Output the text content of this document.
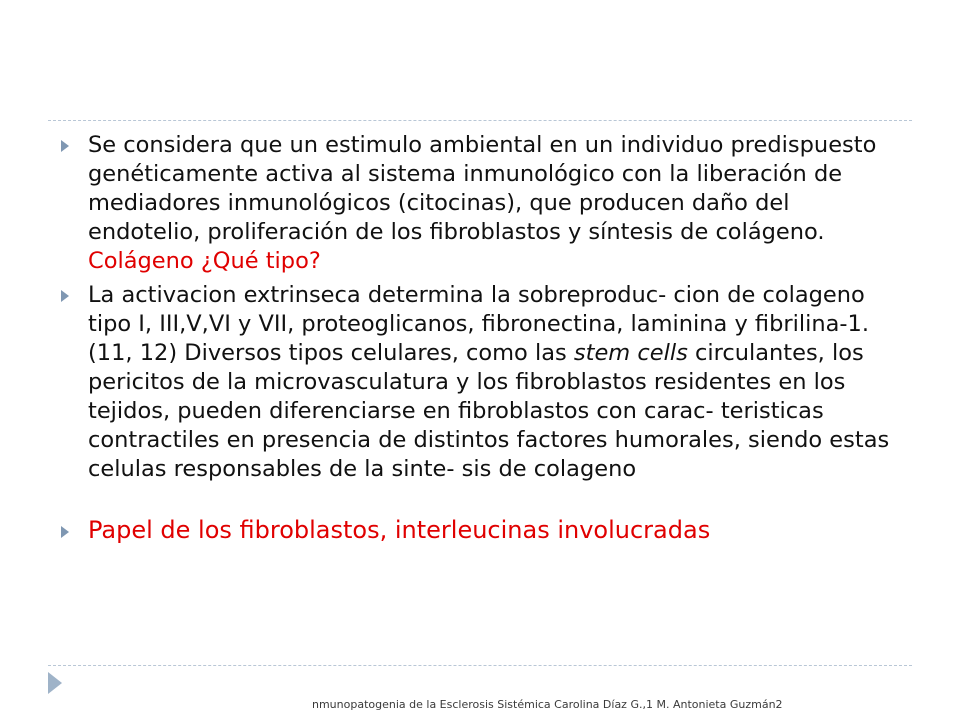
Se considera que un estimulo ambiental en un individuo predispuesto genéticamente activa al sistema inmunológico con la liberación de mediadores inmunológicos (citocinas), que producen daño del endotelio, proliferación de los fibroblastos y síntesis de colágeno. Colágeno ¿Qué tipo?
La activacion extrinseca determina la sobreproduc- cion de colageno tipo I, III,V,VI y VII, proteoglicanos, fibronectina, laminina y fibrilina-1.(11, 12) Diversos tipos celulares, como las stem cells circulantes, los pericitos de la microvasculatura y los fibroblastos residentes en los tejidos, pueden diferenciarse en fibroblastos con carac- teristicas contractiles en presencia de distintos factores humorales, siendo estas celulas responsables de la sinte- sis de colageno
Papel de los fibroblastos, interleucinas involucradas
nmunopatogenia de la Esclerosis Sistémica Carolina Díaz G.,1 M. Antonieta Guzmán2
